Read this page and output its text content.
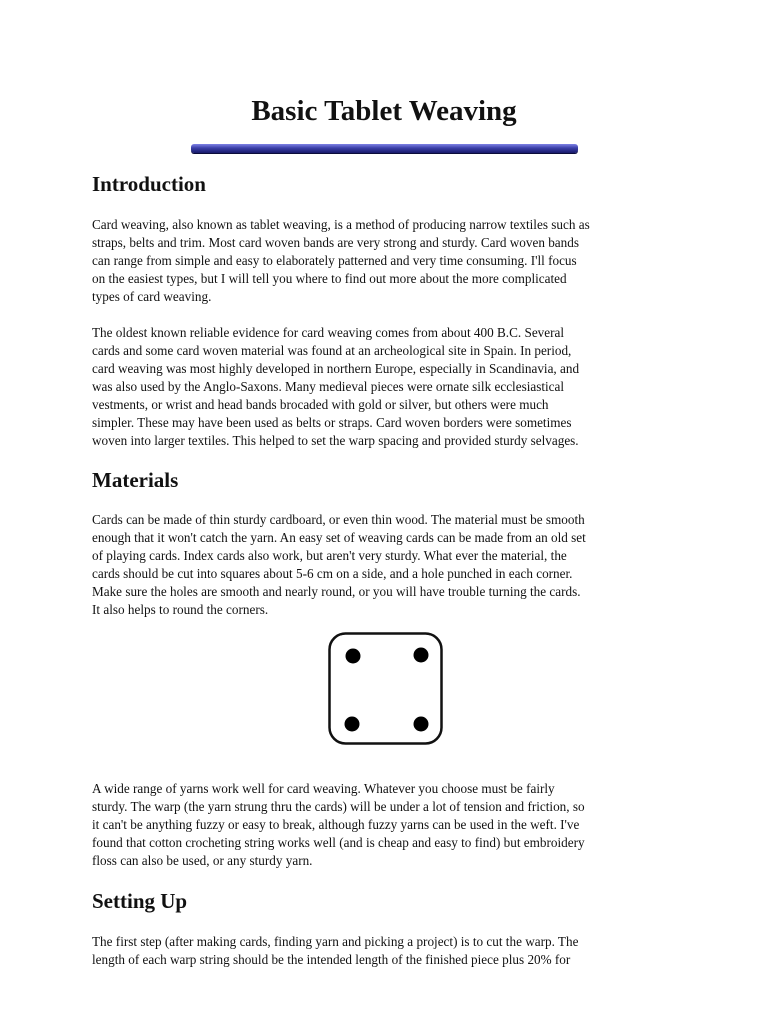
Basic Tablet Weaving
Introduction

Card weaving, also known as tablet weaving, is a method of producing narrow textiles such as
straps, belts and trim. Most card woven bands are very strong and sturdy. Card woven bands
can range from simple and easy to elaborately patterned and very time consuming. I'll focus
on the easiest types, but I will tell you where to find out more about the more complicated
types of card weaving.

The oldest known reliable evidence for card weaving comes from about 400 B.C. Several
cards and some card woven material was found at an archeological site in Spain. In period,
card weaving was most highly developed in northern Europe, especially in Scandinavia, and
was also used by the Anglo-Saxons. Many medieval pieces were ornate silk ecclesiastical
vestments, or wrist and head bands brocaded with gold or silver, but others were much
simpler. These may have been used as belts or straps. Card woven borders were sometimes
woven into larger textiles. This helped to set the warp spacing and provided sturdy selvages.

Materials

Cards can be made of thin sturdy cardboard, or even thin wood. The material must be smooth
enough that it won't catch the yarn. An easy set of weaving cards can be made from an old set
of playing cards. Index cards also work, but aren't very sturdy. What ever the material, the
cards should be cut into squares about 5-6 cm on a side, and a hole punched in each corner.
Make sure the holes are smooth and nearly round, or you will have trouble turning the cards.
It also helps to round the corners.

A wide range of yarns work well for card weaving. Whatever you choose must be fairly
sturdy. The warp (the yarn strung thru the cards) will be under a lot of tension and friction, so
it can't be anything fuzzy or easy to break, although fuzzy yarns can be used in the weft. I've
found that cotton crocheting string works well (and is cheap and easy to find) but embroidery
floss can also be used, or any sturdy yarn.

Setting Up

The first step (after making cards, finding yarn and picking a project) is to cut the warp. The
length of each warp string should be the intended length of the finished piece plus 20% for
